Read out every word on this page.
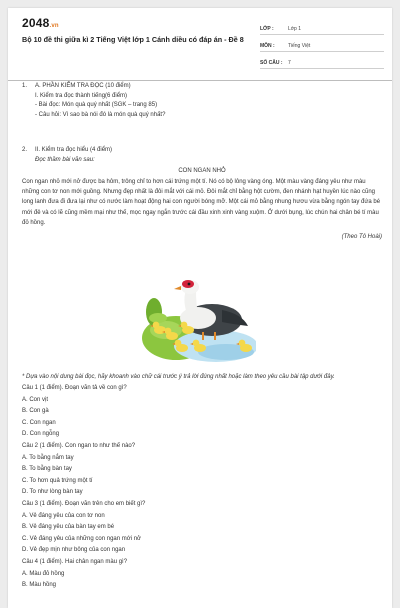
2048.vn
Bộ 10 đề thi giữa kì 2 Tiếng Việt lớp 1 Cánh diều có đáp án - Đề 8
LỚP :	Lớp 1
MÔN :	Tiếng Việt
SỐ CÂU :	7
1. A. PHẦN KIỂM TRA ĐỌC (10 điểm)

I. Kiểm tra đọc thành tiếng(6 điểm)

- Bài đọc: Món quà quý nhất (SGK – trang 85)

- Câu hỏi: Vì sao bà nói đó là món quà quý nhất?

2. II. Kiểm tra đọc hiểu (4 điểm)

Đọc thầm bài văn sau:

CON NGAN NHỎ

Con ngan nhỏ mới nở được ba hôm, trông chỉ to hơn cái trứng một tí. Nó có bộ lông vàng óng. Một màu vàng đáng yêu như màu những con tơ non mới guồng. Nhưng đẹp nhất là đôi mắt với cái mỏ. Đôi mắt chỉ bằng hột cườm, đen nhánh hạt huyền lúc nào cũng long lanh đưa đi đưa lại như có nước làm hoạt động hai con người bóng mỡ. Một cái mỏ bằng nhung hươu vừa bằng ngón tay đứa bé mới đẻ và có lẽ cũng mềm mại như thế, mọc ngay ngắn trước cái đầu xinh xinh vàng xuộm. Ở dưới bụng, lúc chún hai chân bé tí màu đỏ hồng.

(Theo Tô Hoài)

* Dựa vào nội dung bài đọc, hãy khoanh vào chữ cái trước ý trả lời đúng nhất hoặc làm theo yêu cầu bài tập dưới đây.

Câu 1 (1 điểm). Đoạn văn tả về con gì?

A. Con vịt

B. Con gà

C. Con ngan

D. Con ngỗng

Câu 2 (1 điểm). Con ngan to như thế nào?

A. To bằng nắm tay

B. To bằng bàn tay

C. To hơn quả trứng một tí

D. To như lòng bàn tay

Câu 3 (1 điểm). Đoạn văn trên cho em biết gì?

A. Vẻ đáng yêu của con tơ non

B. Vẻ đáng yêu của bàn tay em bé

C. Vẻ đáng yêu của những con ngan mới nở

D. Vẻ đẹp mịn như bông của con ngan

Câu 4 (1 điểm). Hai chân ngan màu gì?

A. Màu đỏ hồng

B. Màu hồng
